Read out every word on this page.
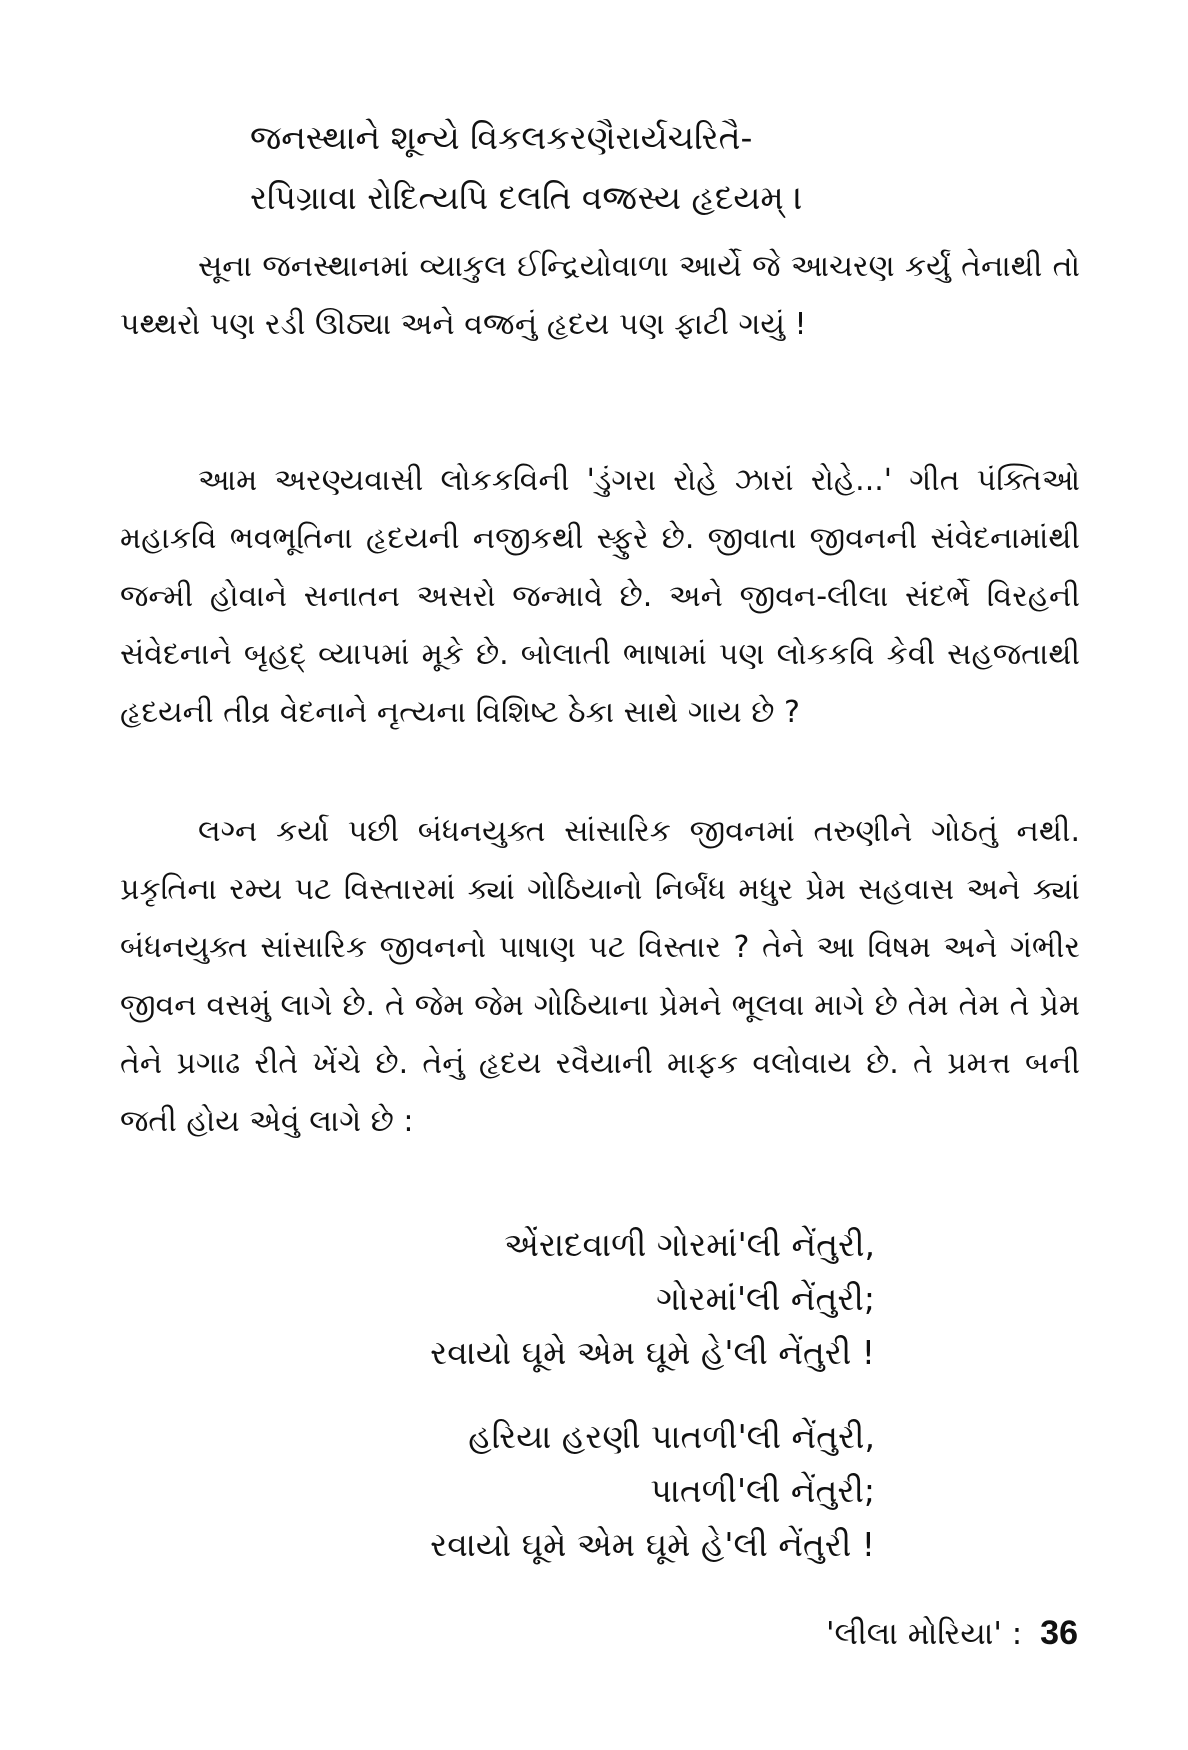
જનસ્થાને શૂન્યે વિકલકરણૈરાર્યચરિતૈ-
રપિગ્રાવા રોદિત્યપિ દલતિ વજ્રસ્ય હૃદયમ્ ।
સૂના જનસ્થાનમાં વ્યાકુલ ઈન્દ્રિયોવાળા આર્યે જે આચરણ કર્યું તેનાથી તો પથ્થરો પણ રડી ઊઠ્યા અને વજ્રનું હૃદય પણ ફાટી ગયું !
આમ અરણ્યવાસી લોકકવિની 'ડુંગરા રોહે ઝારાં રોહે...' ગીત પંક્તિઓ મહાકવિ ભવભૂતિના હૃદયની નજીકથી સ્ફુરે છે. જીવાતા જીવનની સંવેદનામાંથી જન્મી હોવાને સનાતન અસરો જન્માવે છે. અને જીવન-લીલા સંદર્ભે વિરહની સંવેદનાને બૃહદ્ વ્યાપમાં મૂકે છે. બોલાતી ભાષામાં પણ લોકકવિ કેવી સહજતાથી હૃદયની તીવ્ર વેદનાને નૃત્યના વિશિષ્ટ ઠેકા સાથે ગાય છે ?
લગ્ન કર્યા પછી બંધનયુક્ત સાંસારિક જીવનમાં તરુણીને ગોઠતું નથી. પ્રકૃતિના રમ્ય પટ વિસ્તારમાં ક્યાં ગોઠિયાનો નિર્બંધ મધુર પ્રેમ સહવાસ અને ક્યાં બંધનયુક્ત સાંસારિક જીવનનો પાષાણ પટ વિસ્તાર ? તેને આ વિષમ અને ગંભીર જીવન વસમું લાગે છે. તે જેમ જેમ ગોઠિયાના પ્રેમને ભૂલવા માગે છે તેમ તેમ તે પ્રેમ તેને પ્રગાઢ રીતે ખેંચે છે. તેનું હૃદય રવૈયાની માફક વલોવાય છે. તે પ્રમત્ત બની જતી હોય એવું લાગે છે :
એંરાદવાળી ગોરમાં'લી નેંતુરી,
ગોરમાં'લી નેંતુરી;
રવાયો ઘૂમે એમ ઘૂમે હે'લી નેંતુરી !
હરિયા હરણી પાતળી'લી નેંતુરી,
પાતળી'લી નેંતુરી;
રવાયો ઘૂમે એમ ઘૂમે હે'લી નેંતુરી !
'લીલા મોરિયા' : 36
